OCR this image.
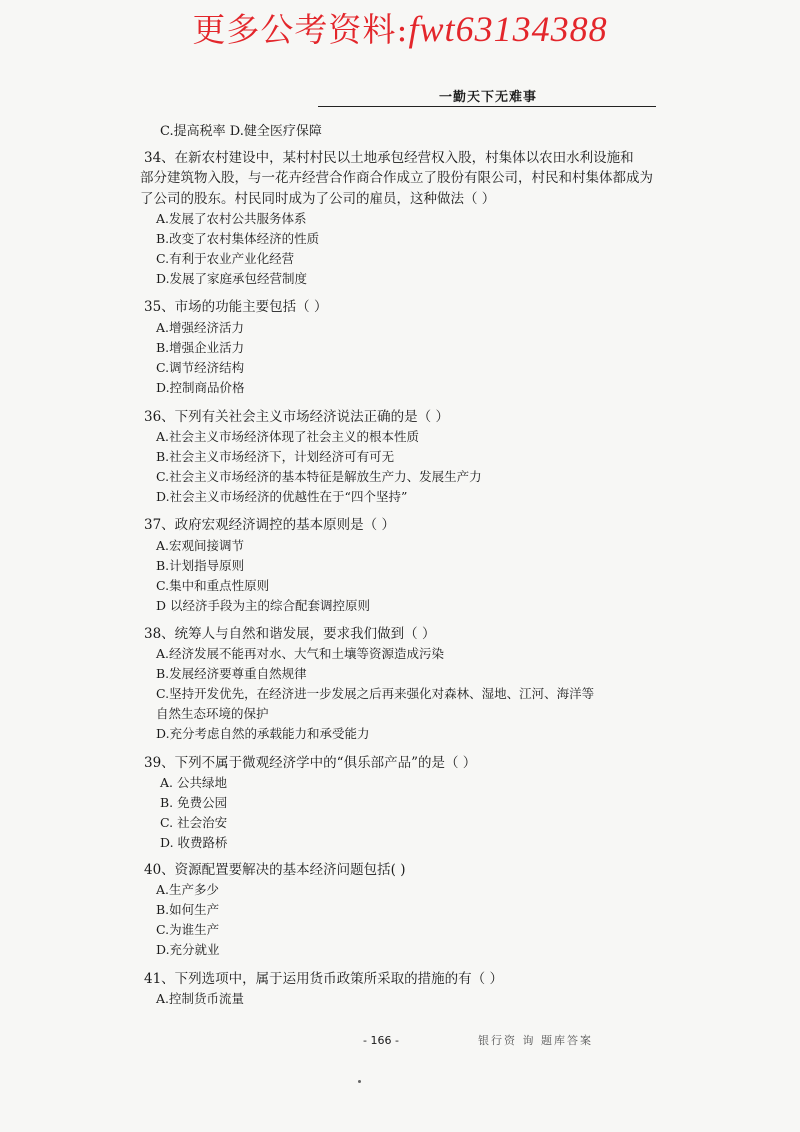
更多公考资料:fwt63134388
一勤天下无难事
C.提高税率 D.健全医疗保障
34、在新农村建设中，某村村民以土地承包经营权入股，村集体以农田水利设施和
部分建筑物入股，与一花卉经营合作商合作成立了股份有限公司，村民和村集体都成为
了公司的股东。村民同时成为了公司的雇员，这种做法（ ）
A.发展了农村公共服务体系
B.改变了农村集体经济的性质
C.有利于农业产业化经营
D.发展了家庭承包经营制度
35、市场的功能主要包括（ ）
A.增强经济活力
B.增强企业活力
C.调节经济结构
D.控制商品价格
36、下列有关社会主义市场经济说法正确的是（ ）
A.社会主义市场经济体现了社会主义的根本性质
B.社会主义市场经济下，计划经济可有可无
C.社会主义市场经济的基本特征是解放生产力、发展生产力
D.社会主义市场经济的优越性在于“四个坚持”
37、政府宏观经济调控的基本原则是（ ）
A.宏观间接调节
B.计划指导原则
C.集中和重点性原则
D 以经济手段为主的综合配套调控原则
38、统筹人与自然和谐发展，要求我们做到（ ）
A.经济发展不能再对水、大气和土壤等资源造成污染
B.发展经济要尊重自然规律
C.坚持开发优先，在经济进一步发展之后再来强化对森林、湿地、江河、海洋等
自然生态环境的保护
D.充分考虑自然的承载能力和承受能力
39、下列不属于微观经济学中的“俱乐部产品”的是（ ）
A. 公共绿地
B. 免费公园
C. 社会治安
D. 收费路桥
40、资源配置要解决的基本经济问题包括( )
A.生产多少
B.如何生产
C.为谁生产
D.充分就业
41、下列选项中，属于运用货币政策所采取的措施的有（ ）
A.控制货币流量
- 166 -	银行资 询 题库答案
